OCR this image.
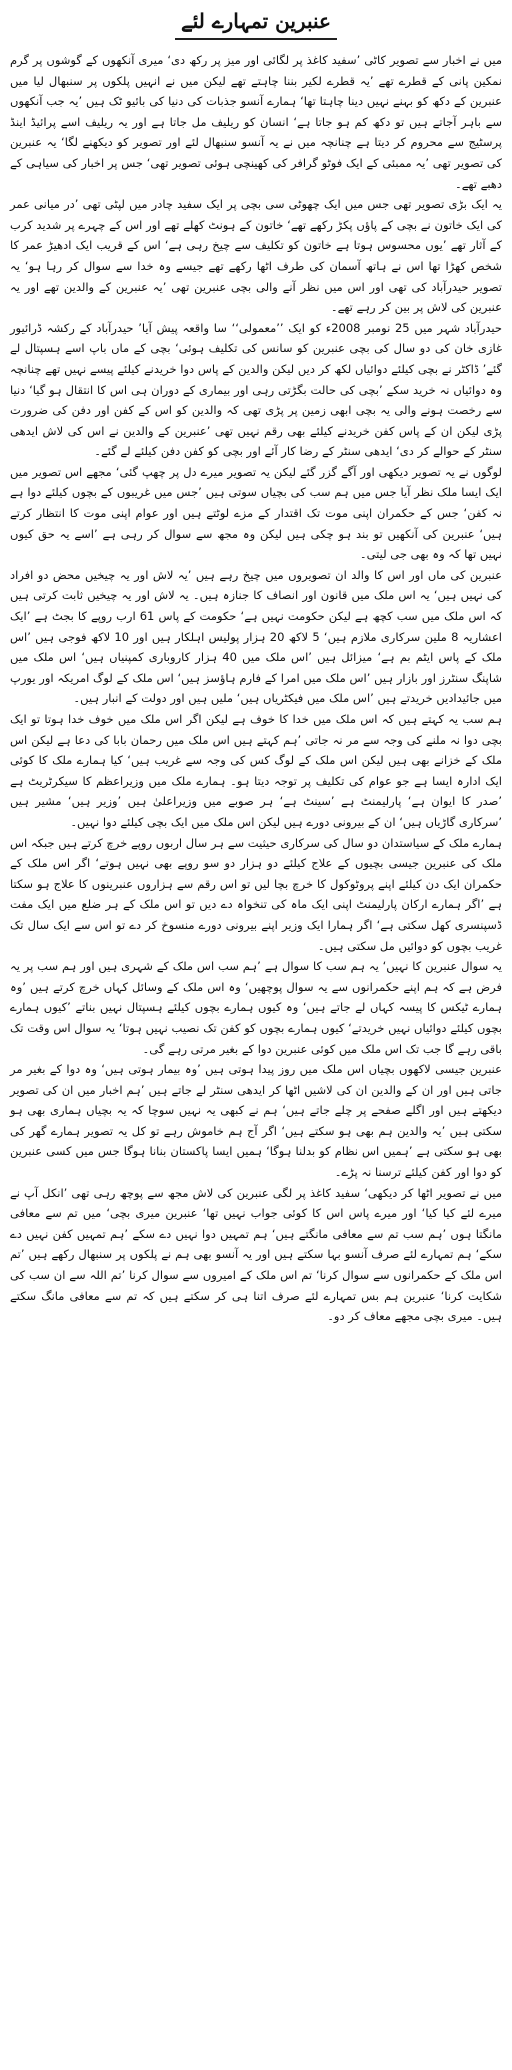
عنبرین تمہارے لئے

میں نے اخبار سے تصویر کاٹی ’سفید کاغذ پر لگائی اور میز پر رکھ دی‘ میری آنکھوں کے گوشوں پر گرم نمکین پانی کے قطرے تھے ’یہ قطرے لکیر بننا چاہتے تھے لیکن میں نے انہیں پلکوں پر سنبھال لیا میں عنبرین کے دکھ کو بہنے نہیں دینا چاہتا تھا‘ ہمارے آنسو جذبات کی دنیا کی بائیو ٹک ہیں ’یہ جب آنکھوں سے باہر آجاتے ہیں تو دکھ کم ہو جاتا ہے‘ انسان کو ریلیف مل جاتا ہے اور یہ ریلیف اسے پرائیڈ اینڈ پرسٹیج سے محروم کر دیتا ہے چنانچہ میں نے یہ آنسو سنبھال لئے اور تصویر کو دیکھنے لگا‘ یہ عنبرین کی تصویر تھی ’یہ ممبئی کے ایک فوٹو گرافر کی کھینچی ہوئی تصویر تھی‘ جس پر اخبار کی سیاہی کے دھبے تھے۔

یہ ایک بڑی تصویر تھی جس میں ایک چھوٹی سی بچی پر ایک سفید چادر میں لپٹی تھی ’در میانی عمر کی ایک خاتون نے بچی کے پاؤں پکڑ رکھے تھے‘ خاتون کے ہونٹ کھلے تھے اور اس کے چہرے پر شدید کرب کے آثار تھے ’یوں محسوس ہوتا ہے خاتون کو تکلیف سے چیخ رہی ہے‘ اس کے قریب ایک ادھیڑ عمر کا شخص کھڑا تھا اس نے ہاتھ آسمان کی طرف اٹھا رکھے تھے جیسے وہ خدا سے سوال کر رہا ہو‘ یہ تصویر حیدرآباد کی تھی اور اس میں نظر آنے والی بچی عنبرین تھی ’یہ عنبرین کے والدین تھے اور یہ عنبرین کی لاش پر بین کر رہے تھے۔

حیدرآباد شہر میں 25 نومبر 2008ء کو ایک ’’معمولی‘‘ سا واقعہ پیش آیا’ حیدرآباد کے رکشہ ڈرائیور غازی خان کی دو سال کی بچی عنبرین کو سانس کی تکلیف ہوئی‘ بچی کے ماں باپ اسے ہسپتال لے گئے’ ڈاکٹر نے بچی کیلئے دوائیاں لکھ کر دیں لیکن والدین کے پاس دوا خریدنے کیلئے پیسے نہیں تھے چنانچہ وہ دوائیاں نہ خرید سکے ’بچی کی حالت بگڑتی رہی اور بیماری کے دوران ہی اس کا انتقال ہو گیا‘ دنیا سے رخصت ہونے والی یہ بچی ابھی زمین پر پڑی تھی کہ والدین کو اس کے کفن اور دفن کی ضرورت پڑی لیکن ان کے پاس کفن خریدنے کیلئے بھی رقم نہیں تھی ’عنبرین کے والدین نے اس کی لاش ایدھی سنٹر کے حوالے کر دی‘ ایدھی سنٹر کے رضا کار آئے اور بچی کو کفن دفن کیلئے لے گئے۔

لوگوں نے یہ تصویر دیکھی اور آگے گزر گئے لیکن یہ تصویر میرے دل پر چھپ گئی‘ مجھے اس تصویر میں ایک ایسا ملک نظر آیا جس میں ہم سب کی بچیاں سوتی ہیں ’جس میں غریبوں کے بچوں کیلئے دوا ہے نہ کفن‘ جس کے حکمران اپنی موت تک اقتدار کے مزے لوٹتے ہیں اور عوام اپنی موت کا انتظار کرتے ہیں‘ عنبرین کی آنکھیں تو بند ہو چکی ہیں لیکن وہ مجھ سے سوال کر رہی ہے ’اسے یہ حق کیوں نہیں تھا کہ وہ بھی جی لیتی۔

عنبرین کی ماں اور اس کا والد ان تصویروں میں چیخ رہے ہیں ’یہ لاش اور یہ چیخیں محض دو افراد کی نہیں ہیں‘ یہ اس ملک میں قانون اور انصاف کا جنازہ ہیں۔ یہ لاش اور یہ چیخیں ثابت کرتی ہیں کہ اس ملک میں سب کچھ ہے لیکن حکومت نہیں ہے‘ حکومت کے پاس 61 ارب روپے کا بجٹ ہے ’ایک اعشاریہ 8 ملین سرکاری ملازم ہیں‘ 5 لاکھ 20 ہزار پولیس اہلکار ہیں اور 10 لاکھ فوجی ہیں ’اس ملک کے پاس ایٹم بم ہے‘ میزائل ہیں ’اس ملک میں 40 ہزار کاروباری کمپنیاں ہیں‘ اس ملک میں شاپنگ سنٹرز اور بازار ہیں ’اس ملک میں امرا کے فارم ہاؤسز ہیں‘ اس ملک کے لوگ امریکہ اور یورپ میں جائیدادیں خریدتے ہیں ’اس ملک میں فیکٹریاں ہیں‘ ملیں ہیں اور دولت کے انبار ہیں۔

ہم سب یہ کہتے ہیں کہ اس ملک میں خدا کا خوف ہے لیکن اگر اس ملک میں خوف خدا ہوتا تو ایک بچی دوا نہ ملنے کی وجہ سے مر نہ جاتی ’ہم کہتے ہیں اس ملک میں رحمان بابا کی دعا ہے لیکن اس ملک کے خزانے بھی ہیں لیکن اس ملک کے لوگ کس کی وجہ سے غریب ہیں‘ کیا ہمارے ملک کا کوئی ایک ادارہ ایسا ہے جو عوام کی تکلیف پر توجہ دیتا ہو۔ ہمارے ملک میں وزیراعظم کا سیکرٹریٹ ہے ’صدر کا ایوان ہے‘ پارلیمنٹ ہے ’سینٹ ہے‘ ہر صوبے میں وزیراعلیٰ ہیں ’وزیر ہیں‘ مشیر ہیں ’سرکاری گاڑیاں ہیں‘ ان کے بیرونی دورے ہیں لیکن اس ملک میں ایک بچی کیلئے دوا نہیں۔

ہمارے ملک کے سیاستدان دو سال کی سرکاری حیثیت سے ہر سال اربوں روپے خرچ کرتے ہیں جبکہ اس ملک کی عنبرین جیسی بچیوں کے علاج کیلئے دو ہزار دو سو روپے بھی نہیں ہوتے‘ اگر اس ملک کے حکمران ایک دن کیلئے اپنے پروٹوکول کا خرچ بچا لیں تو اس رقم سے ہزاروں عنبرینوں کا علاج ہو سکتا ہے ’اگر ہمارے ارکان پارلیمنٹ اپنی ایک ماہ کی تنخواہ دے دیں تو اس ملک کے ہر ضلع میں ایک مفت ڈسپنسری کھل سکتی ہے‘ اگر ہمارا ایک وزیر اپنے بیرونی دورے منسوخ کر دے تو اس سے ایک سال تک غریب بچوں کو دوائیں مل سکتی ہیں۔

یہ سوال عنبرین کا نہیں‘ یہ ہم سب کا سوال ہے ’ہم سب اس ملک کے شہری ہیں اور ہم سب پر یہ فرض ہے کہ ہم اپنے حکمرانوں سے یہ سوال پوچھیں‘ وہ اس ملک کے وسائل کہاں خرچ کرتے ہیں ’وہ ہمارے ٹیکس کا پیسہ کہاں لے جاتے ہیں‘ وہ کیوں ہمارے بچوں کیلئے ہسپتال نہیں بناتے ’کیوں ہمارے بچوں کیلئے دوائیاں نہیں خریدتے‘ کیوں ہمارے بچوں کو کفن تک نصیب نہیں ہوتا‘ یہ سوال اس وقت تک باقی رہے گا جب تک اس ملک میں کوئی عنبرین دوا کے بغیر مرتی رہے گی۔

عنبرین جیسی لاکھوں بچیاں اس ملک میں روز پیدا ہوتی ہیں ’وہ بیمار ہوتی ہیں‘ وہ دوا کے بغیر مر جاتی ہیں اور ان کے والدین ان کی لاشیں اٹھا کر ایدھی سنٹر لے جاتے ہیں ’ہم اخبار میں ان کی تصویر دیکھتے ہیں اور اگلے صفحے پر چلے جاتے ہیں‘ ہم نے کبھی یہ نہیں سوچا کہ یہ بچیاں ہماری بھی ہو سکتی ہیں ’یہ والدین ہم بھی ہو سکتے ہیں‘ اگر آج ہم خاموش رہے تو کل یہ تصویر ہمارے گھر کی بھی ہو سکتی ہے ’ہمیں اس نظام کو بدلنا ہوگا‘ ہمیں ایسا پاکستان بنانا ہوگا جس میں کسی عنبرین کو دوا اور کفن کیلئے ترسنا نہ پڑے۔

میں نے تصویر اٹھا کر دیکھی‘ سفید کاغذ پر لگی عنبرین کی لاش مجھ سے پوچھ رہی تھی ’انکل آپ نے میرے لئے کیا کیا‘ اور میرے پاس اس کا کوئی جواب نہیں تھا‘ عنبرین میری بچی‘ میں تم سے معافی مانگتا ہوں ’ہم سب تم سے معافی مانگتے ہیں‘ ہم تمہیں دوا نہیں دے سکے ’ہم تمہیں کفن نہیں دے سکے‘ ہم تمہارے لئے صرف آنسو بہا سکتے ہیں اور یہ آنسو بھی ہم نے پلکوں پر سنبھال رکھے ہیں ’تم اس ملک کے حکمرانوں سے سوال کرنا‘ تم اس ملک کے امیروں سے سوال کرنا ’تم اللہ سے ان سب کی شکایت کرنا‘ عنبرین ہم بس تمہارے لئے صرف اتنا ہی کر سکتے ہیں کہ تم سے معافی مانگ سکتے ہیں۔ میری بچی مجھے معاف کر دو۔
